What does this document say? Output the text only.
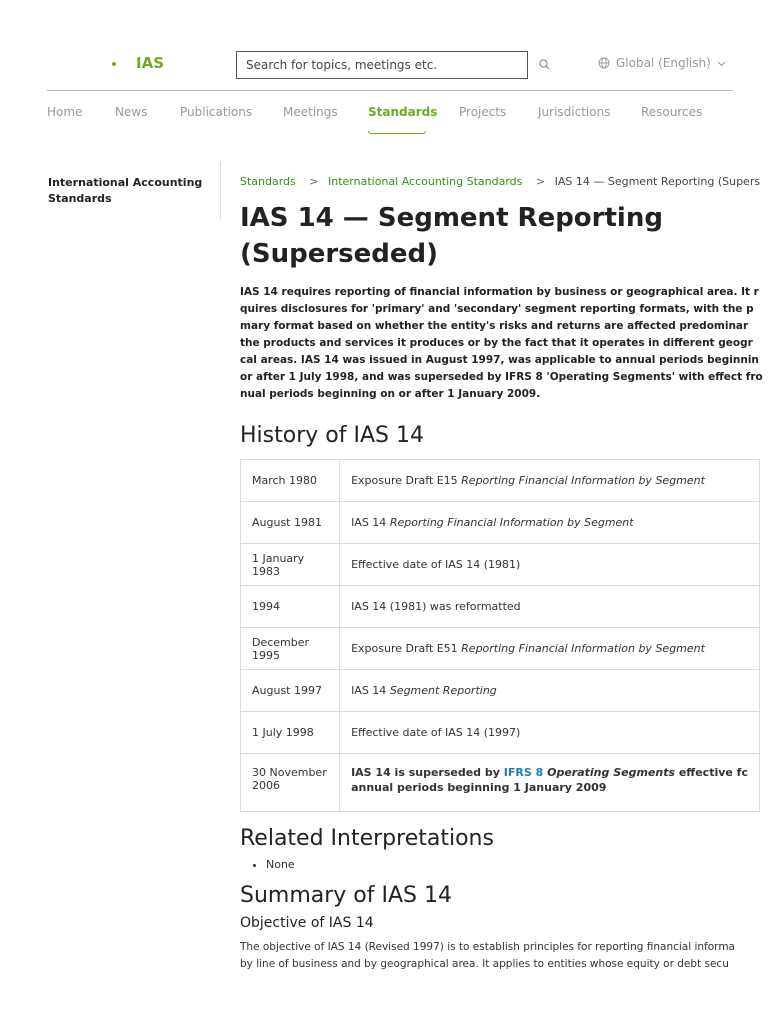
IAS
Search for topics, meetings etc.	Global (English)
Home	News	Publications	Meetings	Standards Projects	Jurisdictions	Resources
International Accounting Standards
Standards > International Accounting Standards > IAS 14 — Segment Reporting (Supers
IAS 14 — Segment Reporting
(Superseded)
IAS 14 requires reporting of financial information by business or geographical area. It r
quires disclosures for 'primary' and 'secondary' segment reporting formats, with the p
mary format based on whether the entity's risks and returns are affected predominar
the products and services it produces or by the fact that it operates in different geogr
cal areas. IAS 14 was issued in August 1997, was applicable to annual periods beginnin
or after 1 July 1998, and was superseded by IFRS 8 'Operating Segments' with effect fro
nual periods beginning on or after 1 January 2009.
History of IAS 14
March 1980	Exposure Draft E15 Reporting Financial Information by Segment
August 1981	IAS 14 Reporting Financial Information by Segment
1 January 1983	Effective date of IAS 14 (1981)
1994	IAS 14 (1981) was reformatted
December 1995	Exposure Draft E51 Reporting Financial Information by Segment
August 1997	IAS 14 Segment Reporting
1 July 1998	Effective date of IAS 14 (1997)
30 November 2006	IAS 14 is superseded by IFRS 8 Operating Segments effective fc
annual periods beginning 1 January 2009
Related Interpretations
• None
Summary of IAS 14
Objective of IAS 14
The objective of IAS 14 (Revised 1997) is to establish principles for reporting financial informa
by line of business and by geographical area. It applies to entities whose equity or debt secu
